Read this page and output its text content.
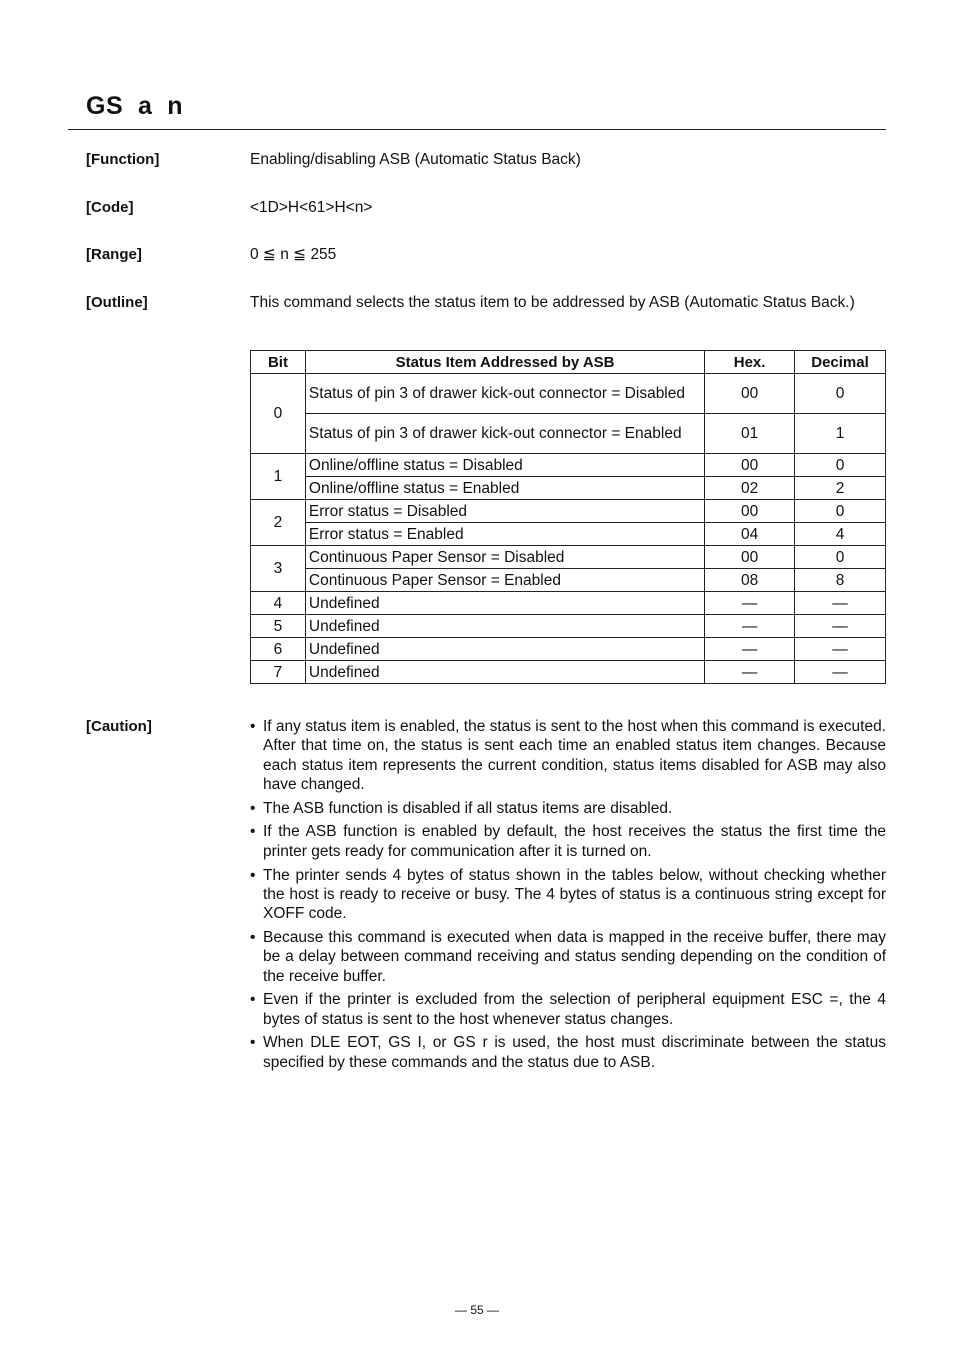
GS  a  n
[Function]	Enabling/disabling ASB (Automatic Status Back)
[Code]	<1D>H<61>H<n>
[Range]	0 ≦ n ≦ 255
[Outline]	This command selects the status item to be addressed by ASB (Automatic Status Back.)
Bit	Status Item Addressed by ASB	Hex.	Decimal
0	Status of pin 3 of drawer kick-out connector = Disabled	00	0
	Status of pin 3 of drawer kick-out connector = Enabled	01	1
1	Online/offline status = Disabled	00	0
	Online/offline status = Enabled	02	2
2	Error status = Disabled	00	0
	Error status = Enabled	04	4
3	Continuous Paper Sensor = Disabled	00	0
	Continuous Paper Sensor = Enabled	08	8
4	Undefined	—	—
5	Undefined	—	—
6	Undefined	—	—
7	Undefined	—	—
[Caution]	• If any status item is enabled, the status is sent to the host when this command is executed. After that time on, the status is sent each time an enabled status item changes. Because each status item represents the current condition, status items disabled for ASB may also have changed.
• The ASB function is disabled if all status items are disabled.
• If the ASB function is enabled by default, the host receives the status the first time the printer gets ready for communication after it is turned on.
• The printer sends 4 bytes of status shown in the tables below, without checking whether the host is ready to receive or busy. The 4 bytes of status is a continuous string except for XOFF code.
• Because this command is executed when data is mapped in the receive buffer, there may be a delay between command receiving and status sending depending on the condition of the receive buffer.
• Even if the printer is excluded from the selection of peripheral equipment ESC =, the 4 bytes of status is sent to the host whenever status changes.
• When DLE EOT, GS I, or GS r is used, the host must discriminate between the status specified by these commands and the status due to ASB.
— 55 —
